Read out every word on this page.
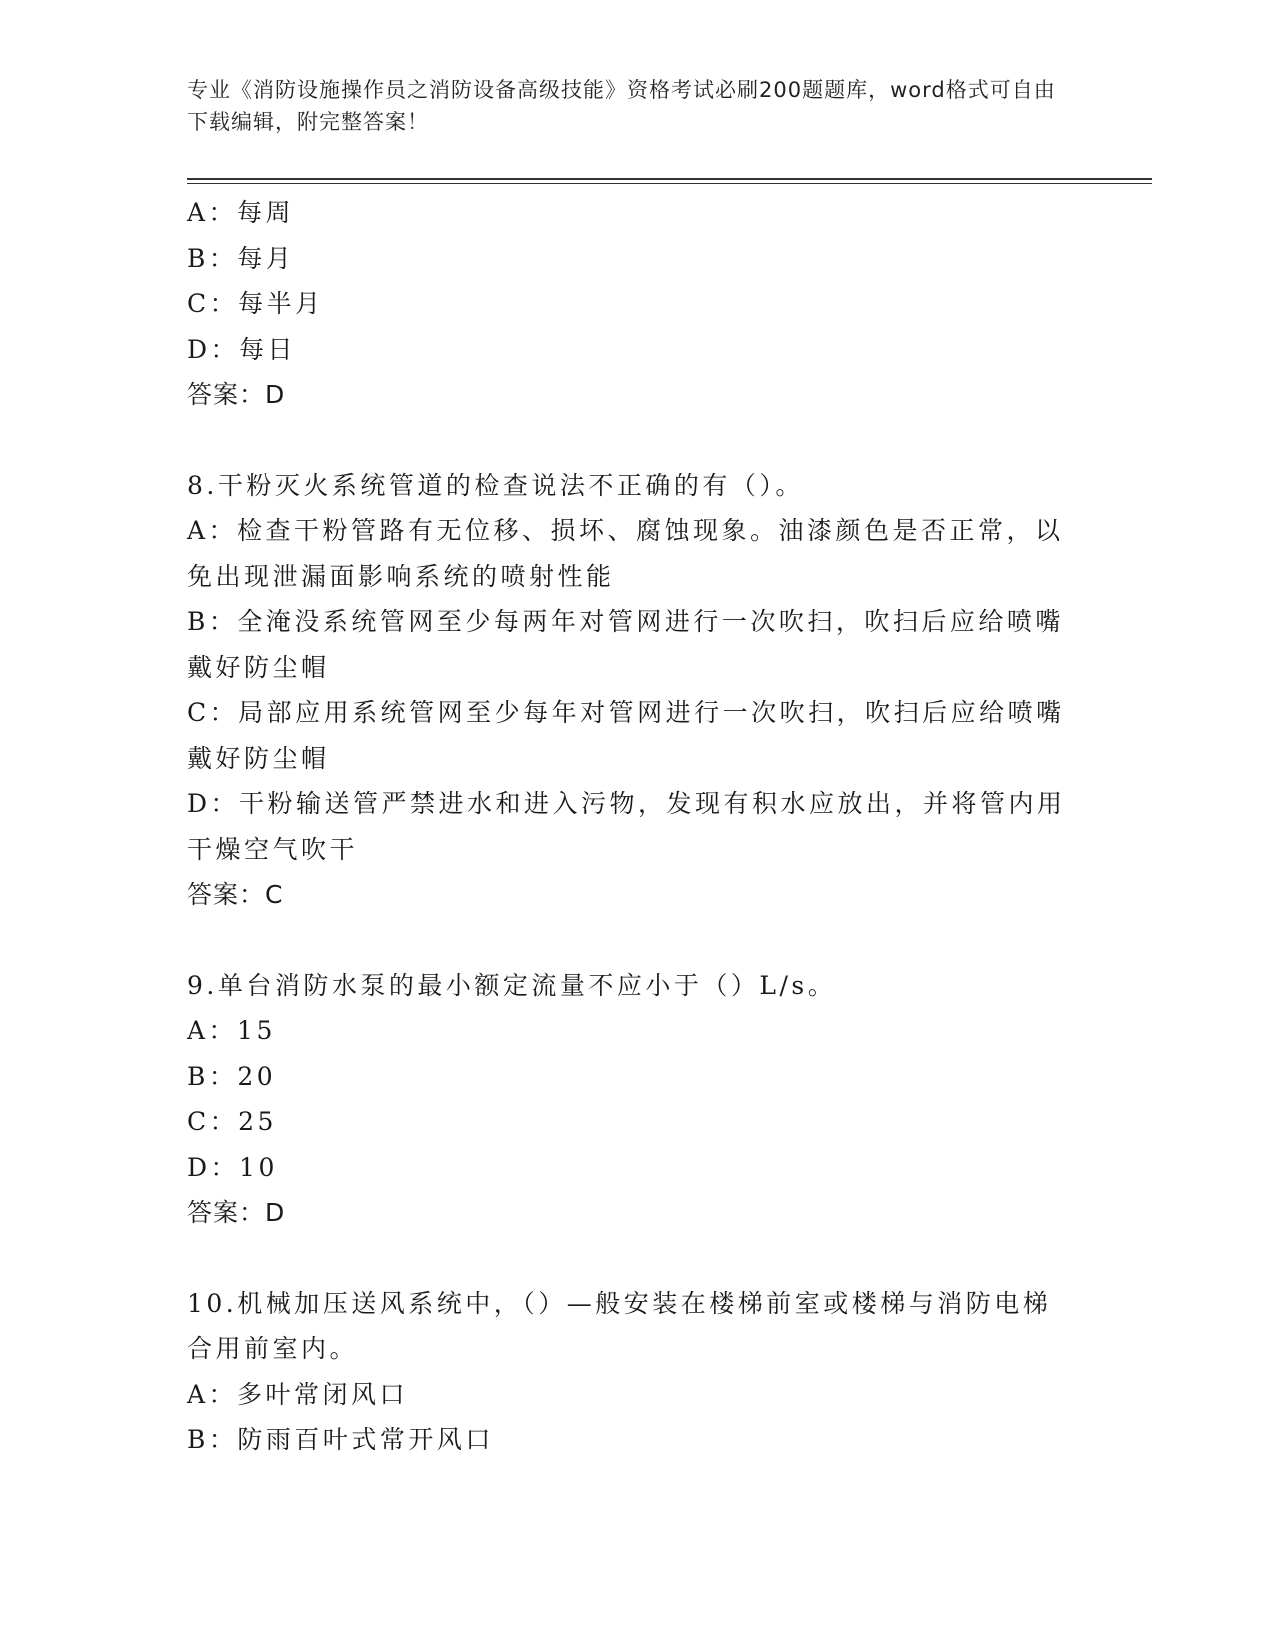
专业《消防设施操作员之消防设备高级技能》资格考试必刷200题题库，word格式可自由下载编辑，附完整答案！
A：每周
B：每月
C：每半月
D：每日
答案：D
8.干粉灭火系统管道的检查说法不正确的有（）。
A：检查干粉管路有无位移、损坏、腐蚀现象。油漆颜色是否正常，以免出现泄漏面影响系统的喷射性能
B：全淹没系统管网至少每两年对管网进行一次吹扫，吹扫后应给喷嘴戴好防尘帽
C：局部应用系统管网至少每年对管网进行一次吹扫，吹扫后应给喷嘴戴好防尘帽
D：干粉输送管严禁进水和进入污物，发现有积水应放出，并将管内用干燥空气吹干
答案：C
9.单台消防水泵的最小额定流量不应小于（）L/s。
A：15
B：20
C：25
D：10
答案：D
10.机械加压送风系统中，（）—般安装在楼梯前室或楼梯与消防电梯合用前室内。
A：多叶常闭风口
B：防雨百叶式常开风口
